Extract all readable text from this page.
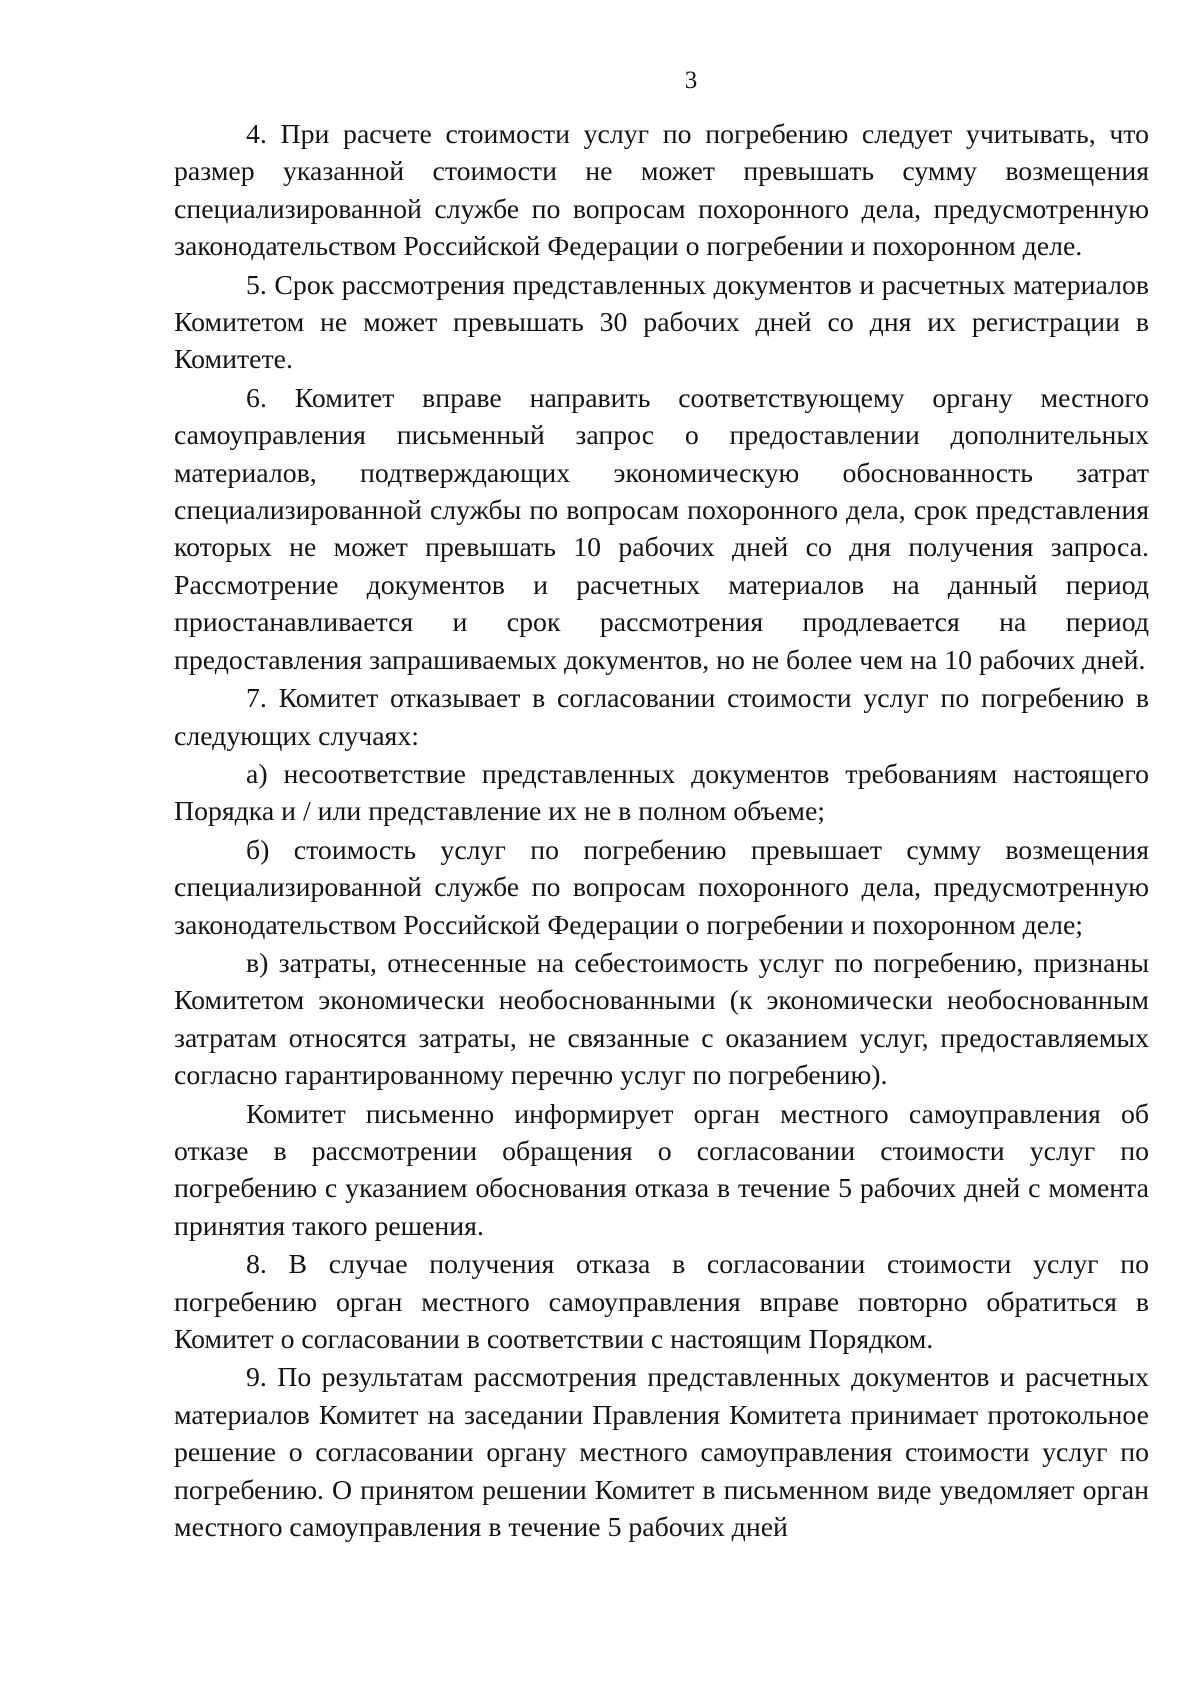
3

4. При расчете стоимости услуг по погребению следует учитывать, что размер указанной стоимости не может превышать сумму возмещения специализированной службе по вопросам похоронного дела, предусмотренную законодательством Российской Федерации о погребении и похоронном деле.

5. Срок рассмотрения представленных документов и расчетных материалов Комитетом не может превышать 30 рабочих дней со дня их регистрации в Комитете.

6. Комитет вправе направить соответствующему органу местного самоуправления письменный запрос о предоставлении дополнительных материалов, подтверждающих экономическую обоснованность затрат специализированной службы по вопросам похоронного дела, срок представления которых не может превышать 10 рабочих дней со дня получения запроса. Рассмотрение документов и расчетных материалов на данный период приостанавливается и срок рассмотрения продлевается на период предоставления запрашиваемых документов, но не более чем на 10 рабочих дней.

7. Комитет отказывает в согласовании стоимости услуг по погребению в следующих случаях:

а) несоответствие представленных документов требованиям настоящего Порядка и / или представление их не в полном объеме;

б) стоимость услуг по погребению превышает сумму возмещения специализированной службе по вопросам похоронного дела, предусмотренную законодательством Российской Федерации о погребении и похоронном деле;

в) затраты, отнесенные на себестоимость услуг по погребению, признаны Комитетом экономически необоснованными (к экономически необоснованным затратам относятся затраты, не связанные с оказанием услуг, предоставляемых согласно гарантированному перечню услуг по погребению).

Комитет письменно информирует орган местного самоуправления об отказе в рассмотрении обращения о согласовании стоимости услуг по погребению с указанием обоснования отказа в течение 5 рабочих дней с момента принятия такого решения.

8. В случае получения отказа в согласовании стоимости услуг по погребению орган местного самоуправления вправе повторно обратиться в Комитет о согласовании в соответствии с настоящим Порядком.

9. По результатам рассмотрения представленных документов и расчетных материалов Комитет на заседании Правления Комитета принимает протокольное решение о согласовании органу местного самоуправления стоимости услуг по погребению. О принятом решении Комитет в письменном виде уведомляет орган местного самоуправления в течение 5 рабочих дней
